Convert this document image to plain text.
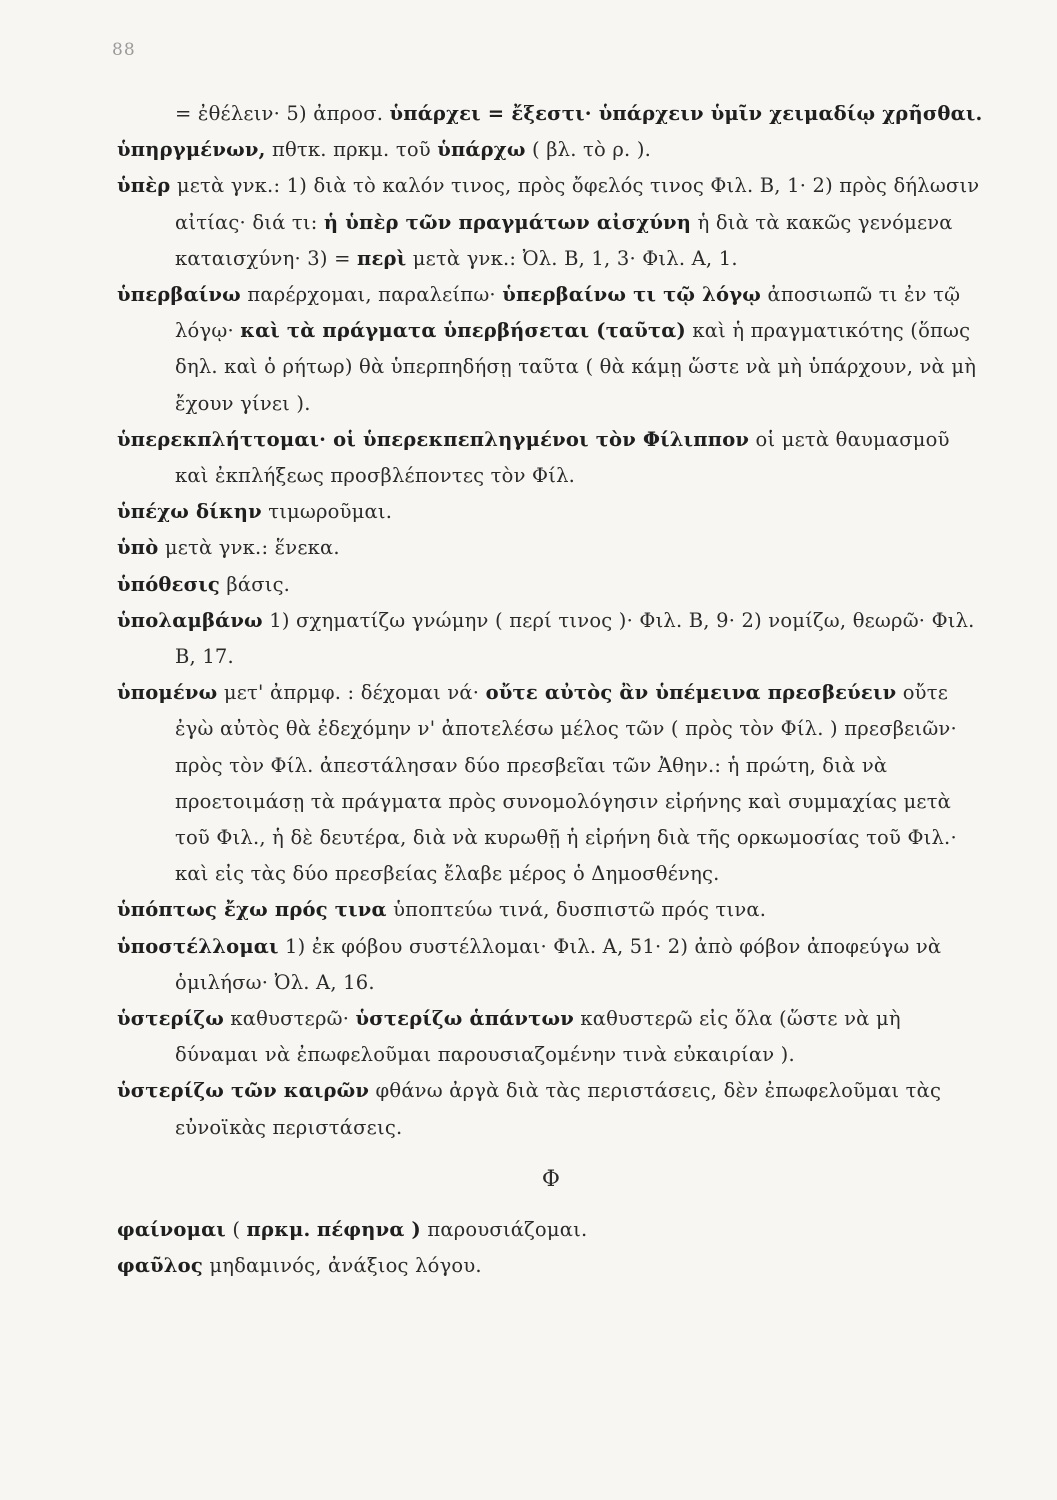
88

= ἐθέλειν· 5) ἀπροσ. ὑπάρχει = ἔξεστι· ὑπάρχειν ὑμῖν χειμαδίῳ χρῆσθαι.

ὑπηργμένων, πθτκ. πρκμ. τοῦ ὑπάρχω ( βλ. τὸ ρ. ).

ὑπὲρ μετὰ γνκ.: 1) διὰ τὸ καλόν τινος, πρὸς ὄφελός τινος Φιλ. Β, 1· 2) πρὸς δήλωσιν αἰτίας· διά τι: ἡ ὑπὲρ τῶν πραγμάτων αἰσχύνη ἡ διὰ τὰ κακῶς γενόμενα καταισχύνη· 3) = περὶ μετὰ γνκ.: Ὀλ. Β, 1, 3· Φιλ. Α, 1.

ὑπερβαίνω παρέρχομαι, παραλείπω· ὑπερβαίνω τι τῷ λόγῳ ἀποσιωπῶ τι ἐν τῷ λόγῳ· καὶ τὰ πράγματα ὑπερβήσεται (ταῦτα) καὶ ἡ πραγματικότης (ὅπως δηλ. καὶ ὁ ρήτωρ) θὰ ὑπερπηδήσῃ ταῦτα ( θὰ κάμῃ ὥστε νὰ μὴ ὑπάρχουν, νὰ μὴ ἔχουν γίνει ).

ὑπερεκπλήττομαι· οἱ ὑπερεκπεπληγμένοι τὸν Φίλιππον οἱ μετὰ θαυμασμοῦ καὶ ἐκπλήξεως προσβλέποντες τὸν Φίλ.

ὑπέχω δίκην τιμωροῦμαι.

ὑπὸ μετὰ γνκ.: ἕνεκα.

ὑπόθεσις βάσις.

ὑπολαμβάνω 1) σχηματίζω γνώμην ( περί τινος )· Φιλ. Β, 9· 2) νομίζω, θεωρῶ· Φιλ. Β, 17.

ὑπομένω μετ' ἀπρμφ. : δέχομαι νά· οὔτε αὐτὸς ἂν ὑπέμεινα πρεσβεύειν οὔτε ἐγὼ αὐτὸς θὰ ἐδεχόμην ν' ἀποτελέσω μέλος τῶν ( πρὸς τὸν Φίλ. ) πρεσβειῶν· πρὸς τὸν Φίλ. ἀπεστάλησαν δύο πρεσβεῖαι τῶν Ἀθην.: ἡ πρώτη, διὰ νὰ προετοιμάσῃ τὰ πράγματα πρὸς συνομολόγησιν εἰρήνης καὶ συμμαχίας μετὰ τοῦ Φιλ., ἡ δὲ δευτέρα, διὰ νὰ κυρωθῇ ἡ εἰρήνη διὰ τῆς ορκωμοσίας τοῦ Φιλ.· καὶ εἰς τὰς δύο πρεσβείας ἔλαβε μέρος ὁ Δημοσθένης.

ὑπόπτως ἔχω πρός τινα ὑποπτεύω τινά, δυσπιστῶ πρός τινα.

ὑποστέλλομαι 1) ἐκ φόβου συστέλλομαι· Φιλ. Α, 51· 2) ἀπὸ φόβον ἀποφεύγω νὰ ὁμιλήσω· Ὀλ. Α, 16.

ὑστερίζω καθυστερῶ· ὑστερίζω ἁπάντων καθυστερῶ εἰς ὅλα (ὥστε νὰ μὴ δύναμαι νὰ ἐπωφελοῦμαι παρουσιαζομένην τινὰ εὐκαιρίαν ).

ὑστερίζω τῶν καιρῶν φθάνω ἀργὰ διὰ τὰς περιστάσεις, δὲν ἐπωφελοῦμαι τὰς εὐνοϊκὰς περιστάσεις.

Φ

φαίνομαι ( πρκμ. πέφηνα ) παρουσιάζομαι.

φαῦλος μηδαμινός, ἀνάξιος λόγου.
